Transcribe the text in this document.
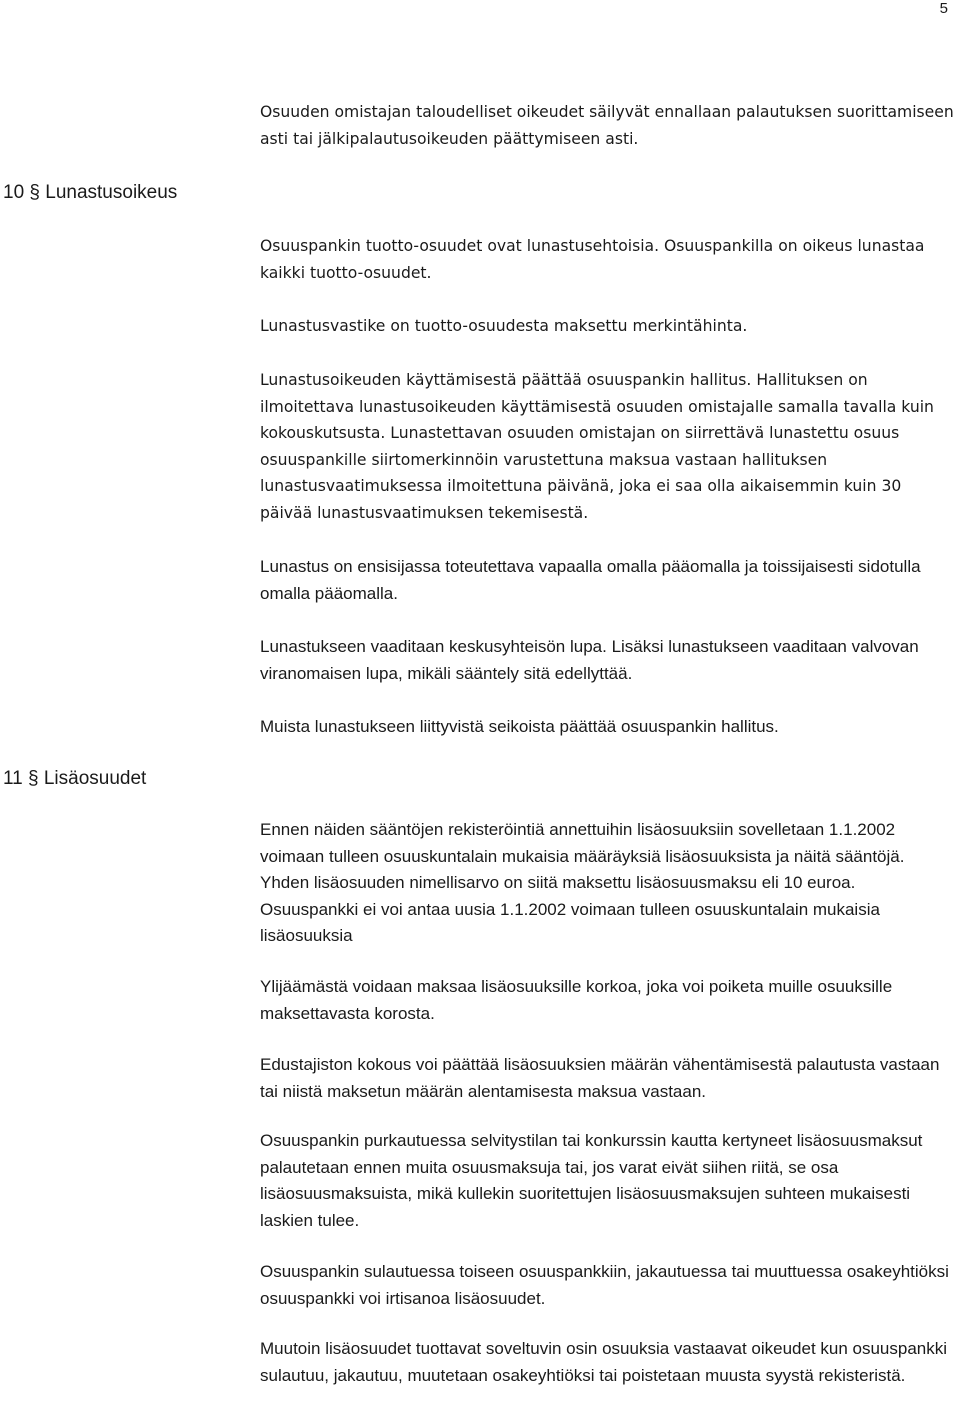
5

Osuuden omistajan taloudelliset oikeudet säilyvät ennallaan palautuksen suorittamiseen asti tai jälkipalautusoikeuden päättymiseen asti.

10 § Lunastusoikeus

Osuuspankin tuotto-osuudet ovat lunastusehtoisia. Osuuspankilla on oikeus lunastaa kaikki tuotto-osuudet.

Lunastusvastike on tuotto-osuudesta maksettu merkintähinta.

Lunastusoikeuden käyttämisestä päättää osuuspankin hallitus. Hallituksen on ilmoitettava lunastusoikeuden käyttämisestä osuuden omistajalle samalla tavalla kuin kokouskutsusta. Lunastettavan osuuden omistajan on siirrettävä lunastettu osuus osuuspankille siirtomerkinnöin varustettuna maksua vastaan hallituksen lunastusvaatimuksessa ilmoitettuna päivänä, joka ei saa olla aikaisemmin kuin 30 päivää lunastusvaatimuksen tekemisestä.

Lunastus on ensisijassa toteutettava vapaalla omalla pääomalla ja toissijaisesti sidotulla omalla pääomalla.

Lunastukseen vaaditaan keskusyhteisön lupa. Lisäksi lunastukseen vaaditaan valvovan viranomaisen lupa, mikäli sääntely sitä edellyttää.

Muista lunastukseen liittyvistä seikoista päättää osuuspankin hallitus.

11 § Lisäosuudet

Ennen näiden sääntöjen rekisteröintiä annettuihin lisäosuuksiin sovelletaan 1.1.2002 voimaan tulleen osuuskuntalain mukaisia määräyksiä lisäosuuksista ja näitä sääntöjä. Yhden lisäosuuden nimellisarvo on siitä maksettu lisäosuusmaksu eli 10 euroa. Osuuspankki ei voi antaa uusia 1.1.2002 voimaan tulleen osuuskuntalain mukaisia lisäosuuksia

Ylijäämästä voidaan maksaa lisäosuuksille korkoa, joka voi poiketa muille osuuksille maksettavasta korosta.

Edustajiston kokous voi päättää lisäosuuksien määrän vähentämisestä palautusta vastaan tai niistä maksetun määrän alentamisesta maksua vastaan.

Osuuspankin purkautuessa selvitystilan tai konkurssin kautta kertyneet lisäosuusmaksut palautetaan ennen muita osuusmaksuja tai, jos varat eivät siihen riitä, se osa lisäosuusmaksuista, mikä kullekin suoritettujen lisäosuusmaksujen suhteen mukaisesti laskien tulee.

Osuuspankin sulautuessa toiseen osuuspankkiin, jakautuessa tai muuttuessa osakeyhtiöksi osuuspankki voi irtisanoa lisäosuudet.

Muutoin lisäosuudet tuottavat soveltuvin osin osuuksia vastaavat oikeudet kun osuuspankki sulautuu, jakautuu, muutetaan osakeyhtiöksi tai poistetaan muusta syystä rekisteristä.
